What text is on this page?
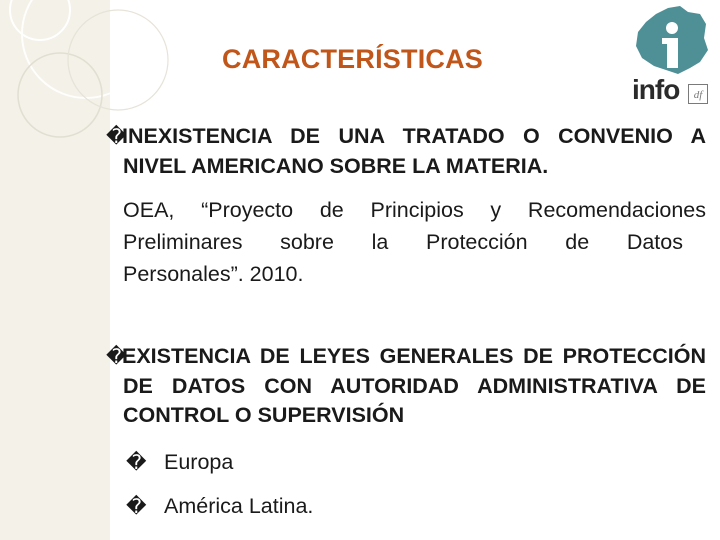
CARACTERÍSTICAS
info	df
�INEXISTENCIA DE UNA TRATADO O CONVENIO A
NIVEL AMERICANO SOBRE LA MATERIA.
OEA, “Proyecto de Principios y Recomendaciones
Preliminares sobre la Protección de Datos
Personales”. 2010.
�EXISTENCIA DE LEYES GENERALES DE PROTECCIÓN
DE DATOS CON AUTORIDAD ADMINISTRATIVA DE
CONTROL O SUPERVISIÓN
� Europa
� América Latina.
